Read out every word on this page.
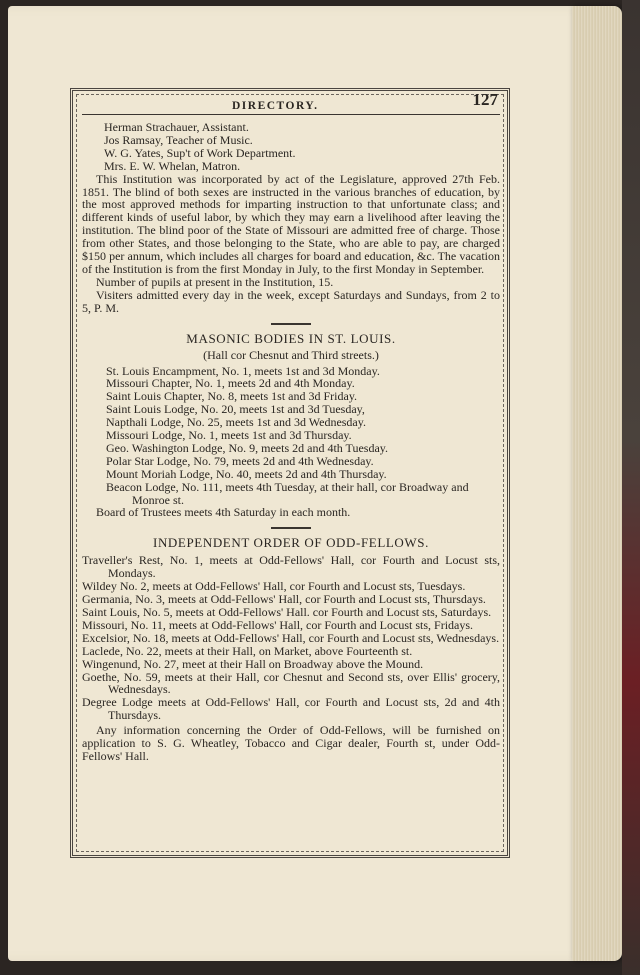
DIRECTORY.	127
Herman Strachauer, Assistant.
Jos Ramsay, Teacher of Music.
W. G. Yates, Sup't of Work Department.
Mrs. E. W. Whelan, Matron.

This Institution was incorporated by act of the Legislature, approved 27th Feb. 1851. The blind of both sexes are instructed in the various branches of education, by the most approved methods for imparting instruction to that unfortunate class; and different kinds of useful labor, by which they may earn a livelihood after leaving the institution. The blind poor of the State of Missouri are admitted free of charge. Those from other States, and those belonging to the State, who are able to pay, are charged $150 per annum, which includes all charges for board and education, &c. The vacation of the Institution is from the first Monday in July, to the first Monday in September.

Number of pupils at present in the Institution, 15.

Visiters admitted every day in the week, except Saturdays and Sundays, from 2 to 5, P. M.

MASONIC BODIES IN ST. LOUIS.
(Hall cor Chesnut and Third streets.)
St. Louis Encampment, No. 1, meets 1st and 3d Monday.
Missouri Chapter, No. 1, meets 2d and 4th Monday.
Saint Louis Chapter, No. 8, meets 1st and 3d Friday.
Saint Louis Lodge, No. 20, meets 1st and 3d Tuesday,
Napthali Lodge, No. 25, meets 1st and 3d Wednesday.
Missouri Lodge, No. 1, meets 1st and 3d Thursday.
Geo. Washington Lodge, No. 9, meets 2d and 4th Tuesday.
Polar Star Lodge, No. 79, meets 2d and 4th Wednesday.
Mount Moriah Lodge, No. 40, meets 2d and 4th Thursday.
Beacon Lodge, No. 111, meets 4th Tuesday, at their hall, cor Broadway and Monroe st.

Board of Trustees meets 4th Saturday in each month.

INDEPENDENT ORDER OF ODD-FELLOWS.
Traveller's Rest, No. 1, meets at Odd-Fellows' Hall, cor Fourth and Locust sts, Mondays.
Wildey No. 2, meets at Odd-Fellows' Hall, cor Fourth and Locust sts, Tuesdays.
Germania, No. 3, meets at Odd-Fellows' Hall, cor Fourth and Locust sts, Thursdays.
Saint Louis, No. 5, meets at Odd-Fellows' Hall. cor Fourth and Locust sts, Saturdays.
Missouri, No. 11, meets at Odd-Fellows' Hall, cor Fourth and Locust sts, Fridays.
Excelsior, No. 18, meets at Odd-Fellows' Hall, cor Fourth and Locust sts, Wednesdays.
Laclede, No. 22, meets at their Hall, on Market, above Fourteenth st.
Wingenund, No. 27, meet at their Hall on Broadway above the Mound.
Goethe, No. 59, meets at their Hall, cor Chesnut and Second sts, over Ellis' grocery, Wednesdays.
Degree Lodge meets at Odd-Fellows' Hall, cor Fourth and Locust sts, 2d and 4th Thursdays.

Any information concerning the Order of Odd-Fellows, will be furnished on application to S. G. Wheatley, Tobacco and Cigar dealer, Fourth st, under Odd-Fellows' Hall.
